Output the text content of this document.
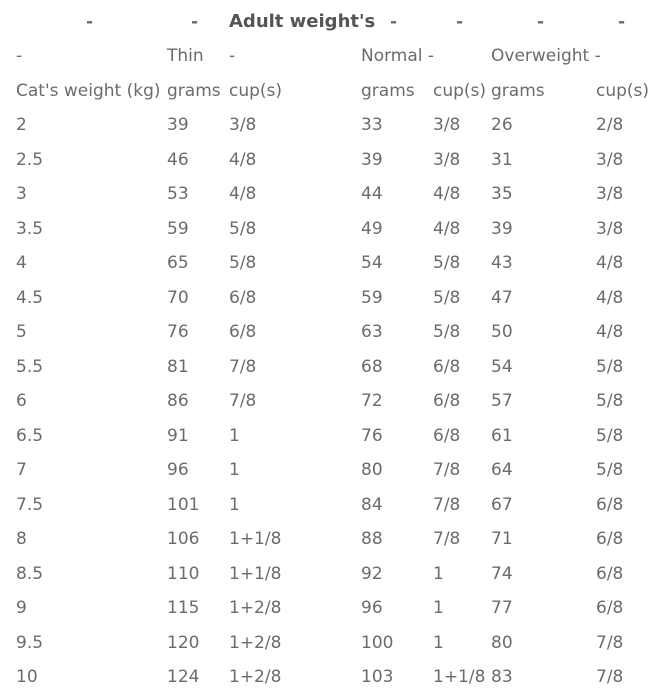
-	- Adult weight's -	-	-	-
-	Thin -	Normal -	Overweight -
Cat's weight (kg) grams cup(s)	grams cup(s) grams	cup(s)
2	39 3/8	33	3/8 26	2/8
2.5	46 4/8	39	3/8 31	3/8
3	53 4/8	44	4/8 35	3/8
3.5	59 5/8	49	4/8 39	3/8
4	65 5/8	54	5/8 43	4/8
4.5	70 6/8	59	5/8 47	4/8
5	76 6/8	63	5/8 50	4/8
5.5	81 7/8	68	6/8 54	5/8
6	86 7/8	72	6/8 57	5/8
6.5	91 1	76	6/8 61	5/8
7	96 1	80	7/8 64	5/8
7.5	101 1	84	7/8 67	6/8
8	106 1+1/8	88	7/8 71	6/8
8.5	110 1+1/8	92	1	74	6/8
9	115 1+2/8	96	1	77	6/8
9.5	120 1+2/8	100 1	80	7/8
10	124 1+2/8	103 1+1/8 83	7/8
